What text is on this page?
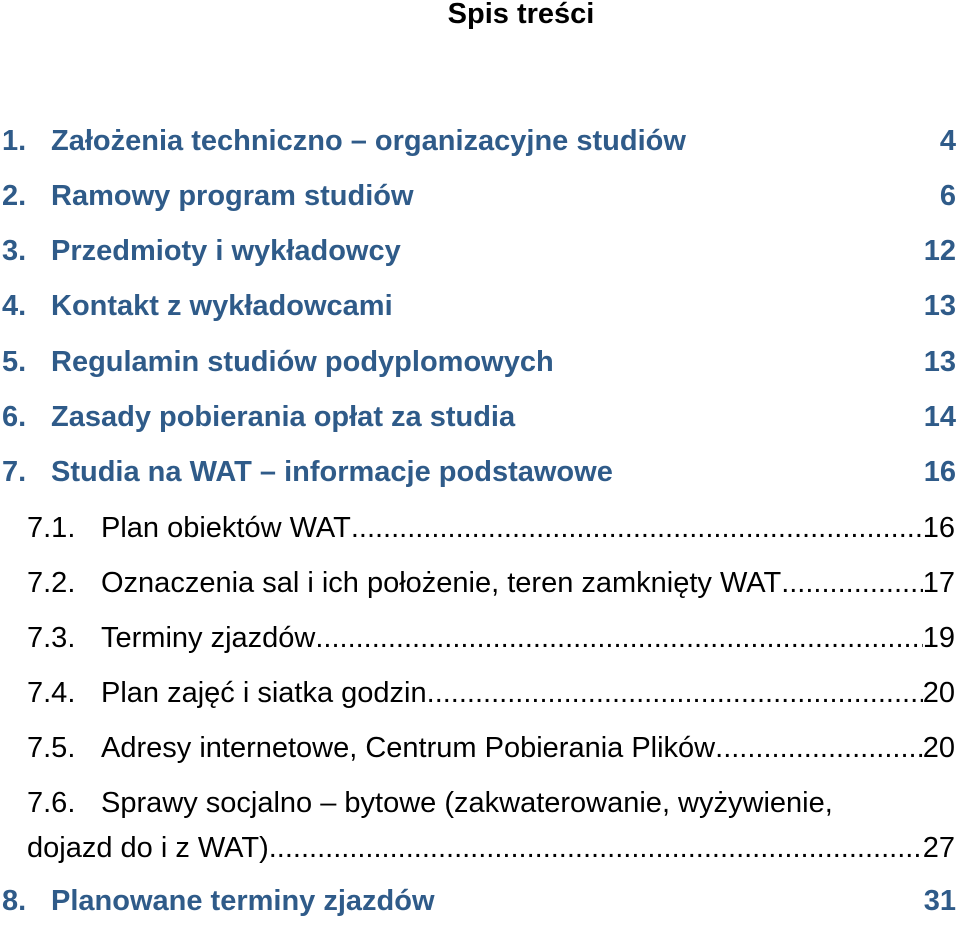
Spis treści
1. Założenia techniczno – organizacyjne studiów	4
2. Ramowy program studiów	6
3. Przedmioty i wykładowcy	12
4. Kontakt z wykładowcami	13
5. Regulamin studiów podyplomowych	13
6. Zasady pobierania opłat za studia	14
7. Studia na WAT – informacje podstawowe	16
7.1. Plan obiektów WAT .....	16
7.2. Oznaczenia sal i ich położenie, teren zamknięty WAT .....	17
7.3. Terminy zjazdów .....	19
7.4. Plan zajęć i siatka godzin .....	20
7.5. Adresy internetowe, Centrum Pobierania Plików .....	20
7.6. Sprawy socjalno – bytowe (zakwaterowanie, wyżywienie,
dojazd do i z WAT) .....	27
8. Planowane terminy zjazdów	31
